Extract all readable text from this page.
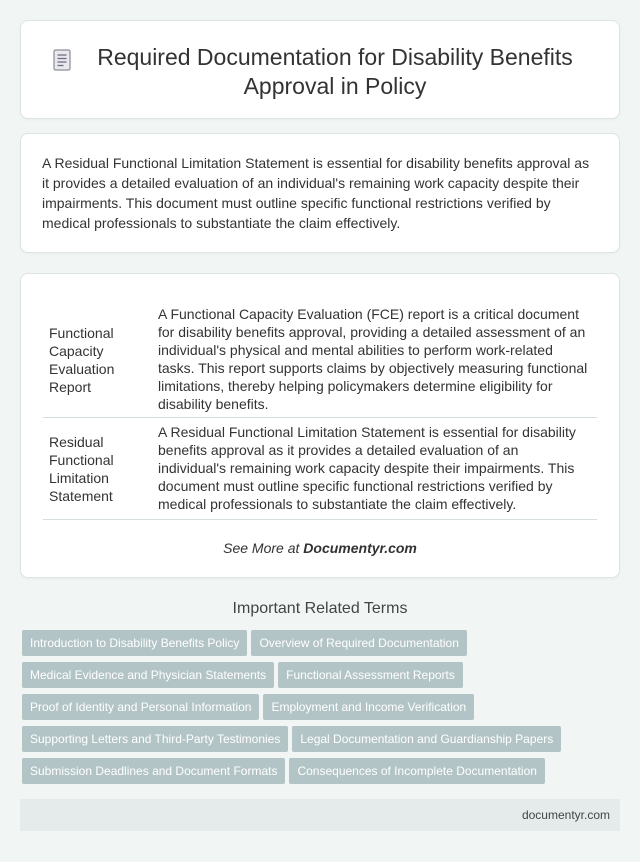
Required Documentation for Disability Benefits Approval in Policy

A Residual Functional Limitation Statement is essential for disability benefits approval as it provides a detailed evaluation of an individual's remaining work capacity despite their impairments. This document must outline specific functional restrictions verified by medical professionals to substantiate the claim effectively.

Functional Capacity Evaluation Report	A Functional Capacity Evaluation (FCE) report is a critical document for disability benefits approval, providing a detailed assessment of an individual's physical and mental abilities to perform work-related tasks. This report supports claims by objectively measuring functional limitations, thereby helping policymakers determine eligibility for disability benefits.
Residual Functional Limitation Statement	A Residual Functional Limitation Statement is essential for disability benefits approval as it provides a detailed evaluation of an individual's remaining work capacity despite their impairments. This document must outline specific functional restrictions verified by medical professionals to substantiate the claim effectively.
See More at Documentyr.com
Important Related Terms
Introduction to Disability Benefits Policy Overview of Required Documentation
Medical Evidence and Physician Statements Functional Assessment Reports
Proof of Identity and Personal Information Employment and Income Verification
Supporting Letters and Third-Party Testimonies Legal Documentation and Guardianship Papers
Submission Deadlines and Document Formats Consequences of Incomplete Documentation
documentyr.com
